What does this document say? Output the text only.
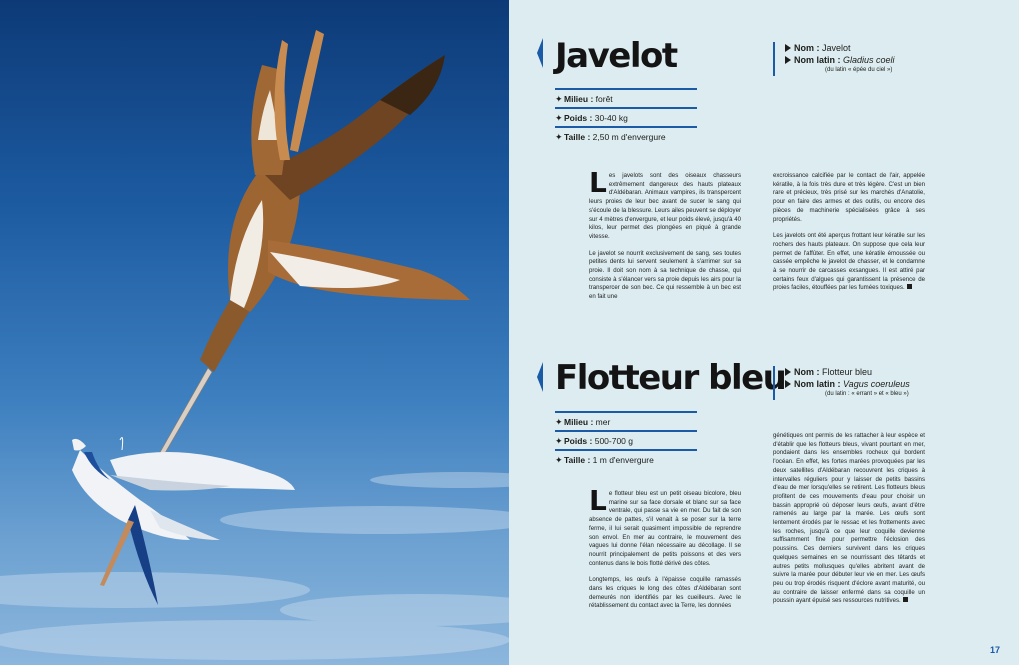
Javelot	Nom : Javelot
Nom latin : Gladius coeli
(du latin « épée du ciel »)
✦Milieu : forêt
✦Poids : 30-40 kg
✦Taille : 2,50 m d'envergure

Les javelots sont des oiseaux chasseurs extrêmement dangereux des hauts plateaux d'Aldébaran. Animaux vampires, ils transpercent leurs proies de leur bec avant de sucer le sang qui s'écoule de la blessure. Leurs ailes peuvent se déployer sur 4 mètres d'envergure, et leur poids élevé, jusqu'à 40 kilos, leur permet des plongées en piqué à grande vitesse.

Le javelot se nourrit exclusivement de sang, ses toutes petites dents lui servent seulement à s'arrimer sur sa proie. Il doit son nom à sa technique de chasse, qui consiste à s'élancer vers sa proie depuis les airs pour la transpercer de son bec. Ce qui ressemble à un bec est en fait une

excroissance calcifiée par le contact de l'air, appelée kératile, à la fois très dure et très légère. C'est un bien rare et précieux, très prisé sur les marchés d'Anatolie, pour en faire des armes et des outils, ou encore des pièces de machinerie spécialisées grâce à ses propriétés.

Les javelots ont été aperçus frottant leur kératile sur les rochers des hauts plateaux. On suppose que cela leur permet de l'affûter. En effet, une kératile émoussée ou cassée empêche le javelot de chasser, et le condamne à se nourrir de carcasses exsangues. Il est attiré par certains feux d'algues qui garantissent la présence de proies faciles, étouffées par les fumées toxiques.

Flotteur bleu Nom : Flotteur bleu
Nom latin : Vagus coeruleus
(du latin : « errant » et « bleu »)
✦Milieu : mer
✦Poids : 500-700 g
✦Taille : 1 m d'envergure

Le flotteur bleu est un petit oiseau bicolore, bleu marine sur sa face dorsale et blanc sur sa face ventrale, qui passe sa vie en mer. Du fait de son absence de pattes, s'il venait à se poser sur la terre ferme, il lui serait quasiment impossible de reprendre son envol. En mer au contraire, le mouvement des vagues lui donne l'élan nécessaire au décollage. Il se nourrit principalement de petits poissons et des vers contenus dans le bois flotté dérivé des côtes.

Longtemps, les œufs à l'épaisse coquille ramassés dans les criques le long des côtes d'Aldébaran sont demeurés non identifiés par les cueilleurs. Avec le rétablissement du contact avec la Terre, les données

génétiques ont permis de les rattacher à leur espèce et d'établir que les flotteurs bleus, vivant pourtant en mer, pondaient dans les ensembles rocheux qui bordent l'océan. En effet, les fortes marées provoquées par les deux satellites d'Aldébaran recouvrent les criques à intervalles réguliers pour y laisser de petits bassins d'eau de mer lorsqu'elles se retirent. Les flotteurs bleus profitent de ces mouvements d'eau pour choisir un bassin approprié où déposer leurs œufs, avant d'être ramenés au large par la marée. Les œufs sont lentement érodés par le ressac et les frottements avec les roches, jusqu'à ce que leur coquille devienne suffisamment fine pour permettre l'éclosion des poussins. Ces derniers survivent dans les criques quelques semaines en se nourrissant des têtards et autres petits mollusques qu'elles abritent avant de suivre la marée pour débuter leur vie en mer. Les œufs peu ou trop érodés risquent d'éclore avant maturité, ou au contraire de laisser enfermé dans sa coquille un poussin ayant épuisé ses ressources nutritives.

17
